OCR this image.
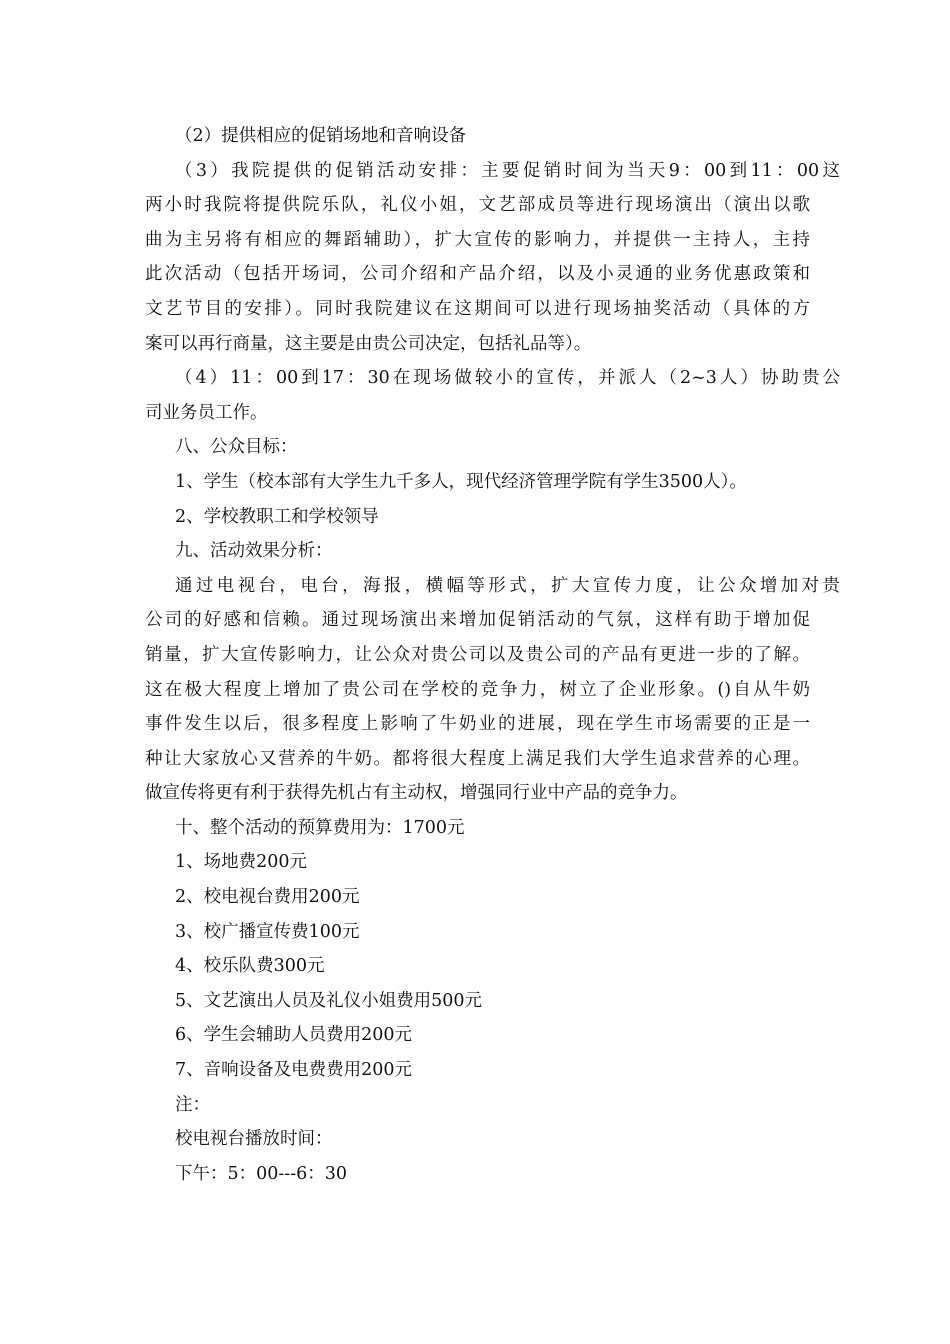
（2）提供相应的促销场地和音响设备
（3）我院提供的促销活动安排：主要促销时间为当天9：00到11：00这
两小时我院将提供院乐队，礼仪小姐，文艺部成员等进行现场演出（演出以歌
曲为主另将有相应的舞蹈辅助），扩大宣传的影响力，并提供一主持人，主持
此次活动（包括开场词，公司介绍和产品介绍，以及小灵通的业务优惠政策和
文艺节目的安排）。同时我院建议在这期间可以进行现场抽奖活动（具体的方
案可以再行商量，这主要是由贵公司决定，包括礼品等）。
（4）11：00到17：30在现场做较小的宣传，并派人（2~3人）协助贵公
司业务员工作。
八、公众目标：
1、学生（校本部有大学生九千多人，现代经济管理学院有学生3500人）。
2、学校教职工和学校领导
九、活动效果分析：
通过电视台，电台，海报，横幅等形式，扩大宣传力度，让公众增加对贵
公司的好感和信赖。通过现场演出来增加促销活动的气氛，这样有助于增加促
销量，扩大宣传影响力，让公众对贵公司以及贵公司的产品有更进一步的了解。
这在极大程度上增加了贵公司在学校的竞争力，树立了企业形象。()自从牛奶
事件发生以后，很多程度上影响了牛奶业的进展，现在学生市场需要的正是一
种让大家放心又营养的牛奶。都将很大程度上满足我们大学生追求营养的心理。
做宣传将更有利于获得先机占有主动权，增强同行业中产品的竞争力。
十、整个活动的预算费用为：1700元
1、场地费200元
2、校电视台费用200元
3、校广播宣传费100元
4、校乐队费300元
5、文艺演出人员及礼仪小姐费用500元
6、学生会辅助人员费用200元
7、音响设备及电费费用200元
注：
校电视台播放时间：
下午：5：00---6：30
